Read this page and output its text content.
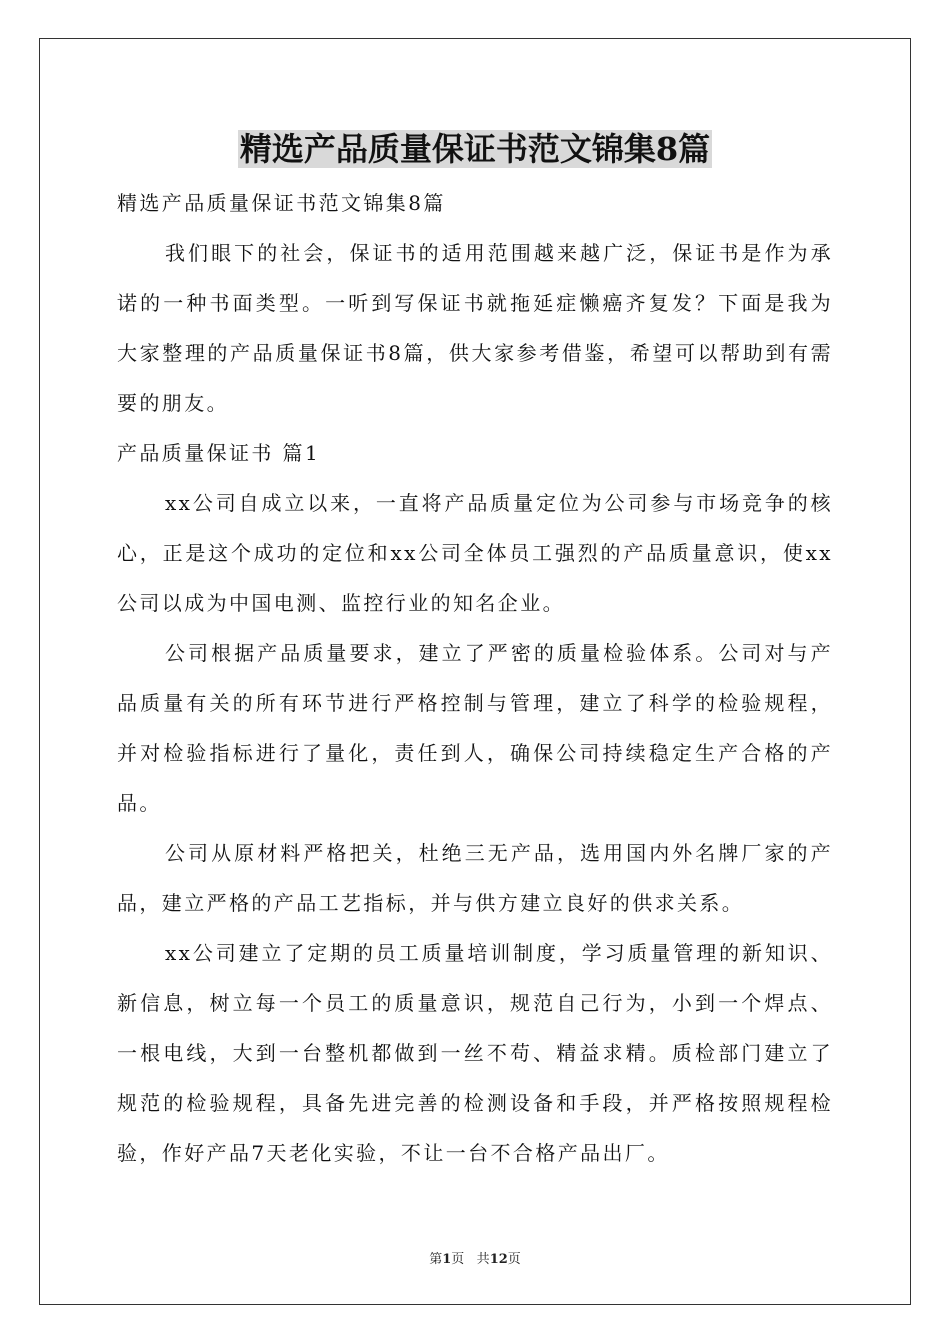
精选产品质量保证书范文锦集8篇

精选产品质量保证书范文锦集8篇

我们眼下的社会，保证书的适用范围越来越广泛，保证书是作为承诺的一种书面类型。一听到写保证书就拖延症懒癌齐复发？下面是我为大家整理的产品质量保证书8篇，供大家参考借鉴，希望可以帮助到有需要的朋友。

产品质量保证书 篇1

xx公司自成立以来，一直将产品质量定位为公司参与市场竞争的核心，正是这个成功的定位和xx公司全体员工强烈的产品质量意识，使xx公司以成为中国电测、监控行业的知名企业。

公司根据产品质量要求，建立了严密的质量检验体系。公司对与产品质量有关的所有环节进行严格控制与管理，建立了科学的检验规程，并对检验指标进行了量化，责任到人，确保公司持续稳定生产合格的产品。

公司从原材料严格把关，杜绝三无产品，选用国内外名牌厂家的产品，建立严格的产品工艺指标，并与供方建立良好的供求关系。

xx公司建立了定期的员工质量培训制度，学习质量管理的新知识、新信息，树立每一个员工的质量意识，规范自己行为，小到一个焊点、一根电线，大到一台整机都做到一丝不苟、精益求精。质检部门建立了规范的检验规程，具备先进完善的检测设备和手段，并严格按照规程检验，作好产品7天老化实验，不让一台不合格产品出厂。

第1页 共12页
